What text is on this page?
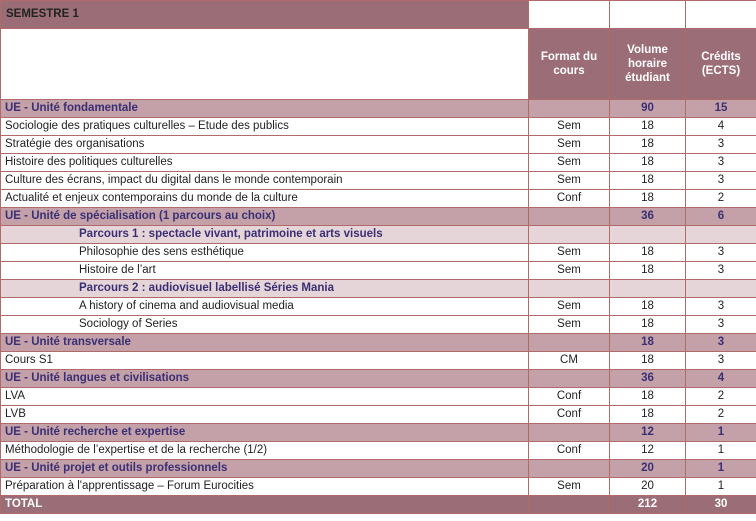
SEMESTRE 1			
	Format du cours	Volume horaire étudiant	Crédits (ECTS)
UE - Unité fondamentale		90	15
Sociologie des pratiques culturelles – Etude des publics	Sem	18	4
Stratégie des organisations	Sem	18	3
Histoire des politiques culturelles	Sem	18	3
Culture des écrans, impact du digital dans le monde contemporain	Sem	18	3
Actualité et enjeux contemporains du monde de la culture	Conf	18	2
UE - Unité de spécialisation (1 parcours au choix)		36	6
Parcours 1 : spectacle vivant, patrimoine et arts visuels			
Philosophie des sens esthétique	Sem	18	3
Histoire de l’art	Sem	18	3
Parcours 2 : audiovisuel labellisé Séries Mania			
A history of cinema and audiovisual media	Sem	18	3
Sociology of Series	Sem	18	3
UE - Unité transversale		18	3
Cours S1	CM	18	3
UE - Unité langues et civilisations		36	4
LVA	Conf	18	2
LVB	Conf	18	2
UE - Unité recherche et expertise		12	1
Méthodologie de l’expertise et de la recherche (1/2)	Conf	12	1
UE - Unité projet et outils professionnels		20	1
Préparation à l'apprentissage – Forum Eurocities	Sem	20	1
TOTAL		212	30
